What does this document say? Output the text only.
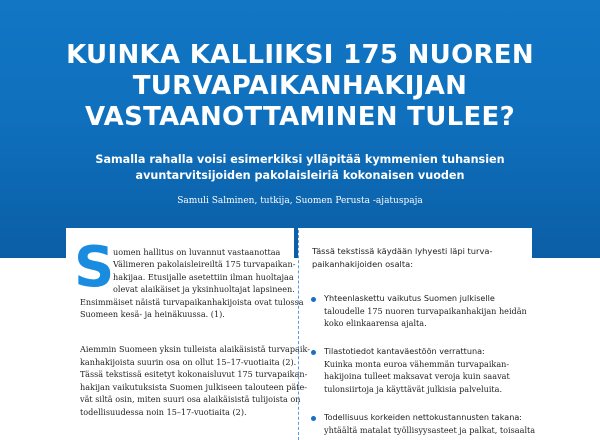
KUINKA KALLIIKSI 175 NUOREN
TURVAPAIKANHAKIJAN
VASTAANOTTAMINEN TULEE?
Samalla rahalla voisi esimerkiksi ylläpitää kymmenien tuhansien
avuntarvitsijoiden pakolaisleiriä kokonaisen vuoden
Samuli Salminen, tutkija, Suomen Perusta -ajatuspaja
S
uomen hallitus on luvannut vastaanottaa
Välimeren pakolaisleireiltä 175 turvapaikan-
hakijaa. Etusijalle asetettiin ilman huoltajaa
olevat alaikäiset ja yksinhuoltajat lapsineen.
Ensimmäiset näistä turvapaikanhakijoista ovat tulossa
Suomeen kesä- ja heinäkuussa. (1).
Aiemmin Suomeen yksin tulleista alaikäisistä turvapaik-
kanhakijoista suurin osa on ollut 15–17-vuotiaita (2).
Tässä tekstissä esitetyt kokonaisluvut 175 turvapaikan-
hakijan vaikutuksista Suomen julkiseen talouteen päte-
vät siltä osin, miten suuri osa alaikäisistä tulijoista on
todellisuudessa noin 15–17-vuotiaita (2).
Tässä tekstissä käydään lyhyesti läpi turva-
paikanhakijoiden osalta:
Yhteenlaskettu vaikutus Suomen julkiselle
taloudelle 175 nuoren turvapaikanhakijan heidän
koko elinkaarensa ajalta.
Tilastotiedot kantaväestöön verrattuna:
Kuinka monta euroa vähemmän turvapaikan-
hakijoina tulleet maksavat veroja kuin saavat
tulonsiirtoja ja käyttävät julkisia palveluita.
Todellisuus korkeiden nettokustannusten takana:
yhtäältä matalat työllisyysasteet ja palkat, toisaalta
